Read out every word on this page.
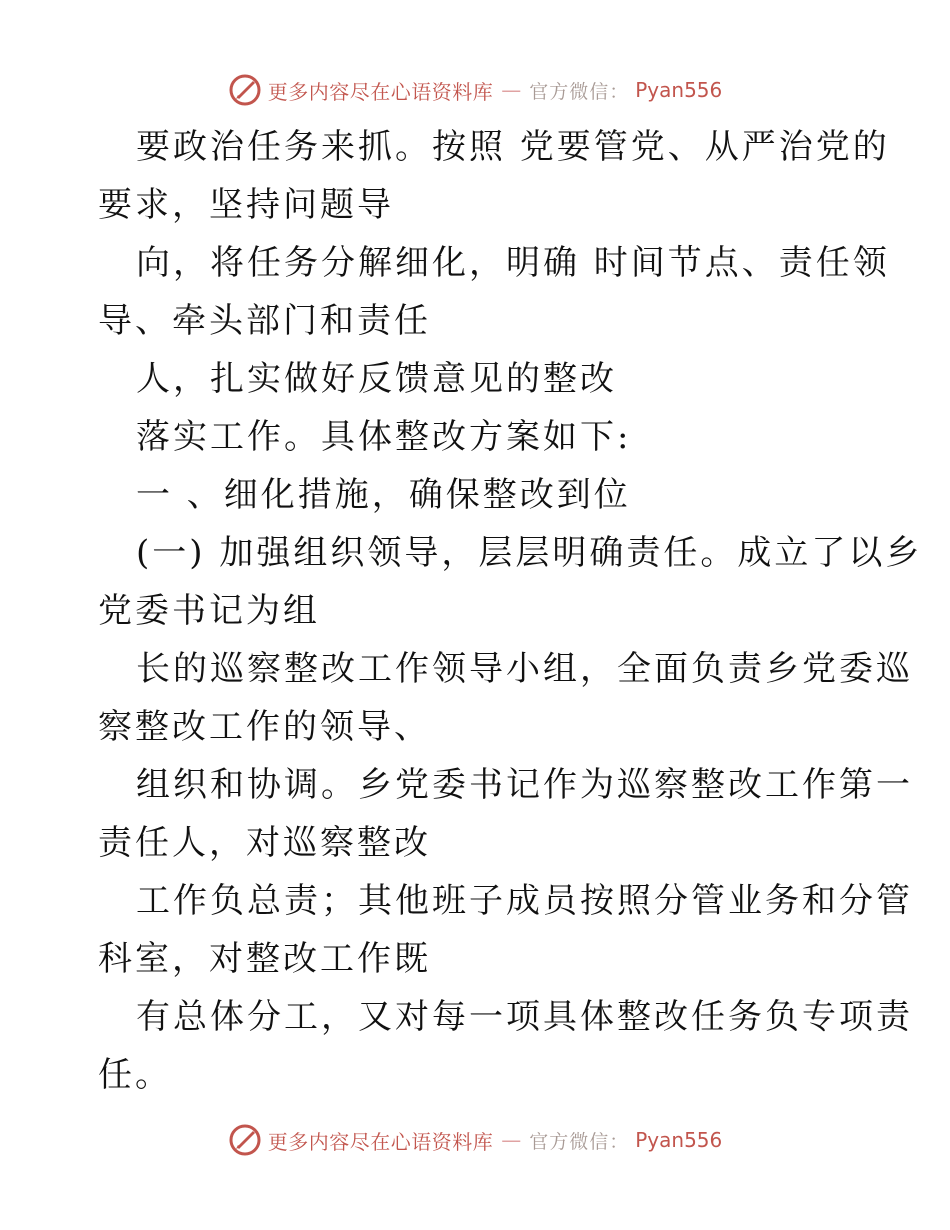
更多内容尽在心语资料库 — 官方微信： Pyan556
要政治任务来抓。按照 党要管党、从严治党的
要求，坚持问题导
向，将任务分解细化，明确 时间节点、责任领
导、牵头部门和责任
人，扎实做好反馈意见的整改
落实工作。具体整改方案如下:
一 、细化措施，确保整改到位
(一) 加强组织领导，层层明确责任。成立了以乡
党委书记为组
长的巡察整改工作领导小组，全面负责乡党委巡
察整改工作的领导、
组织和协调。乡党委书记作为巡察整改工作第一
责任人，对巡察整改
工作负总责；其他班子成员按照分管业务和分管
科室，对整改工作既
有总体分工，又对每一项具体整改任务负专项责
任。
更多内容尽在心语资料库 — 官方微信： Pyan556
